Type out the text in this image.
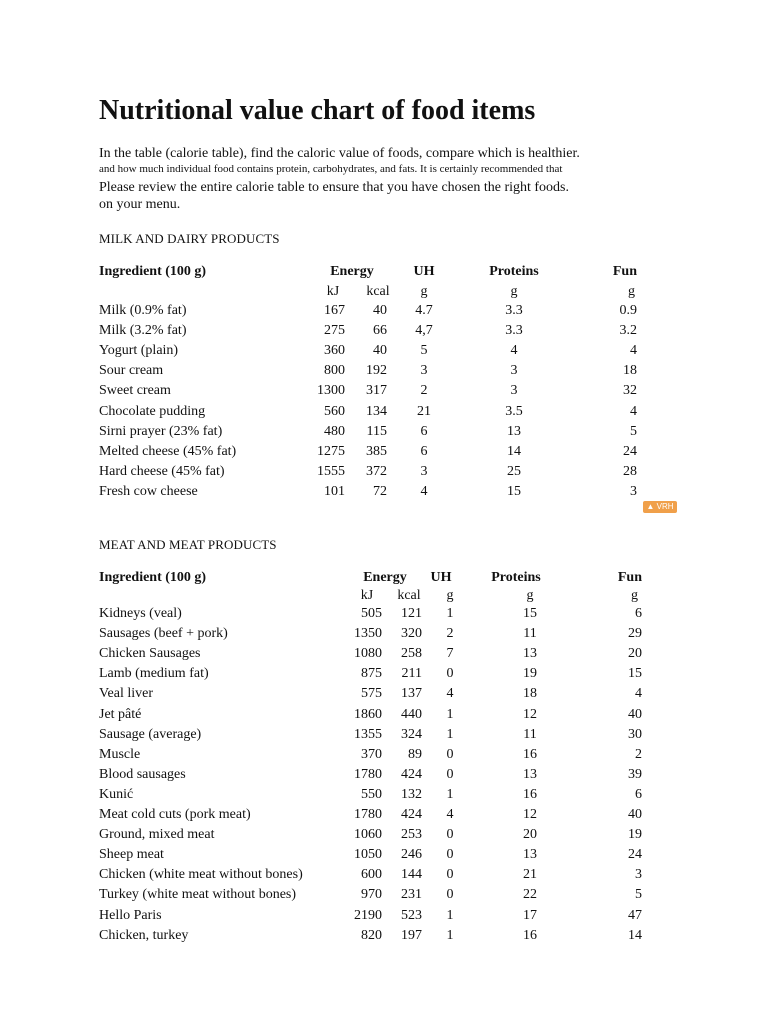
Nutritional value chart of food items
In the table (calorie table), find the caloric value of foods, compare which is healthier.
and how much individual food contains protein, carbohydrates, and fats. It is certainly recommended that
Please review the entire calorie table to ensure that you have chosen the right foods.
on your menu.
▲ VRH
MILK AND DAIRY PRODUCTS
Ingredient (100 g)	Energy	UH	Proteins	Fun
kJ	kcal	g	g	g
Milk (0.9% fat)	167 40	4.7	3.3	0.9
Milk (3.2% fat)	275 66	4,7	3.3	3.2
Yogurt (plain)	360 40	5	4	4
Sour cream	800 192	3	3	18
Sweet cream	1300 317	2	3	32
Chocolate pudding	560 134	21	3.5	4
Sirni prayer (23% fat)	480 115	6	13	5
Melted cheese (45% fat)	1275 385	6	14	24
Hard cheese (45% fat)	1555 372	3	25	28
Fresh cow cheese	101 72	4	15	3
MEAT AND MEAT PRODUCTS
Ingredient (100 g)	Energy	UH	Proteins	Fun
kJ	kcal	g	g	g
Kidneys (veal)	505 121	1	15	6
Sausages (beef + pork)	1350 320	2	11	29
Chicken Sausages	1080 258	7	13	20
Lamb (medium fat)	875 211	0	19	15
Veal liver	575 137	4	18	4
Jet pâté	1860 440	1	12	40
Sausage (average)	1355 324	1	11	30
Muscle	370 89	0	16	2
Blood sausages	1780 424	0	13	39
Kunić	550 132	1	16	6
Meat cold cuts (pork meat)	1780 424	4	12	40
Ground, mixed meat	1060 253	0	20	19
Sheep meat	1050 246	0	13	24
Chicken (white meat without bones)	600 144	0	21	3
Turkey (white meat without bones)	970 231	0	22	5
Hello Paris	2190 523	1	17	47
Chicken, turkey	820 197	1	16	14
